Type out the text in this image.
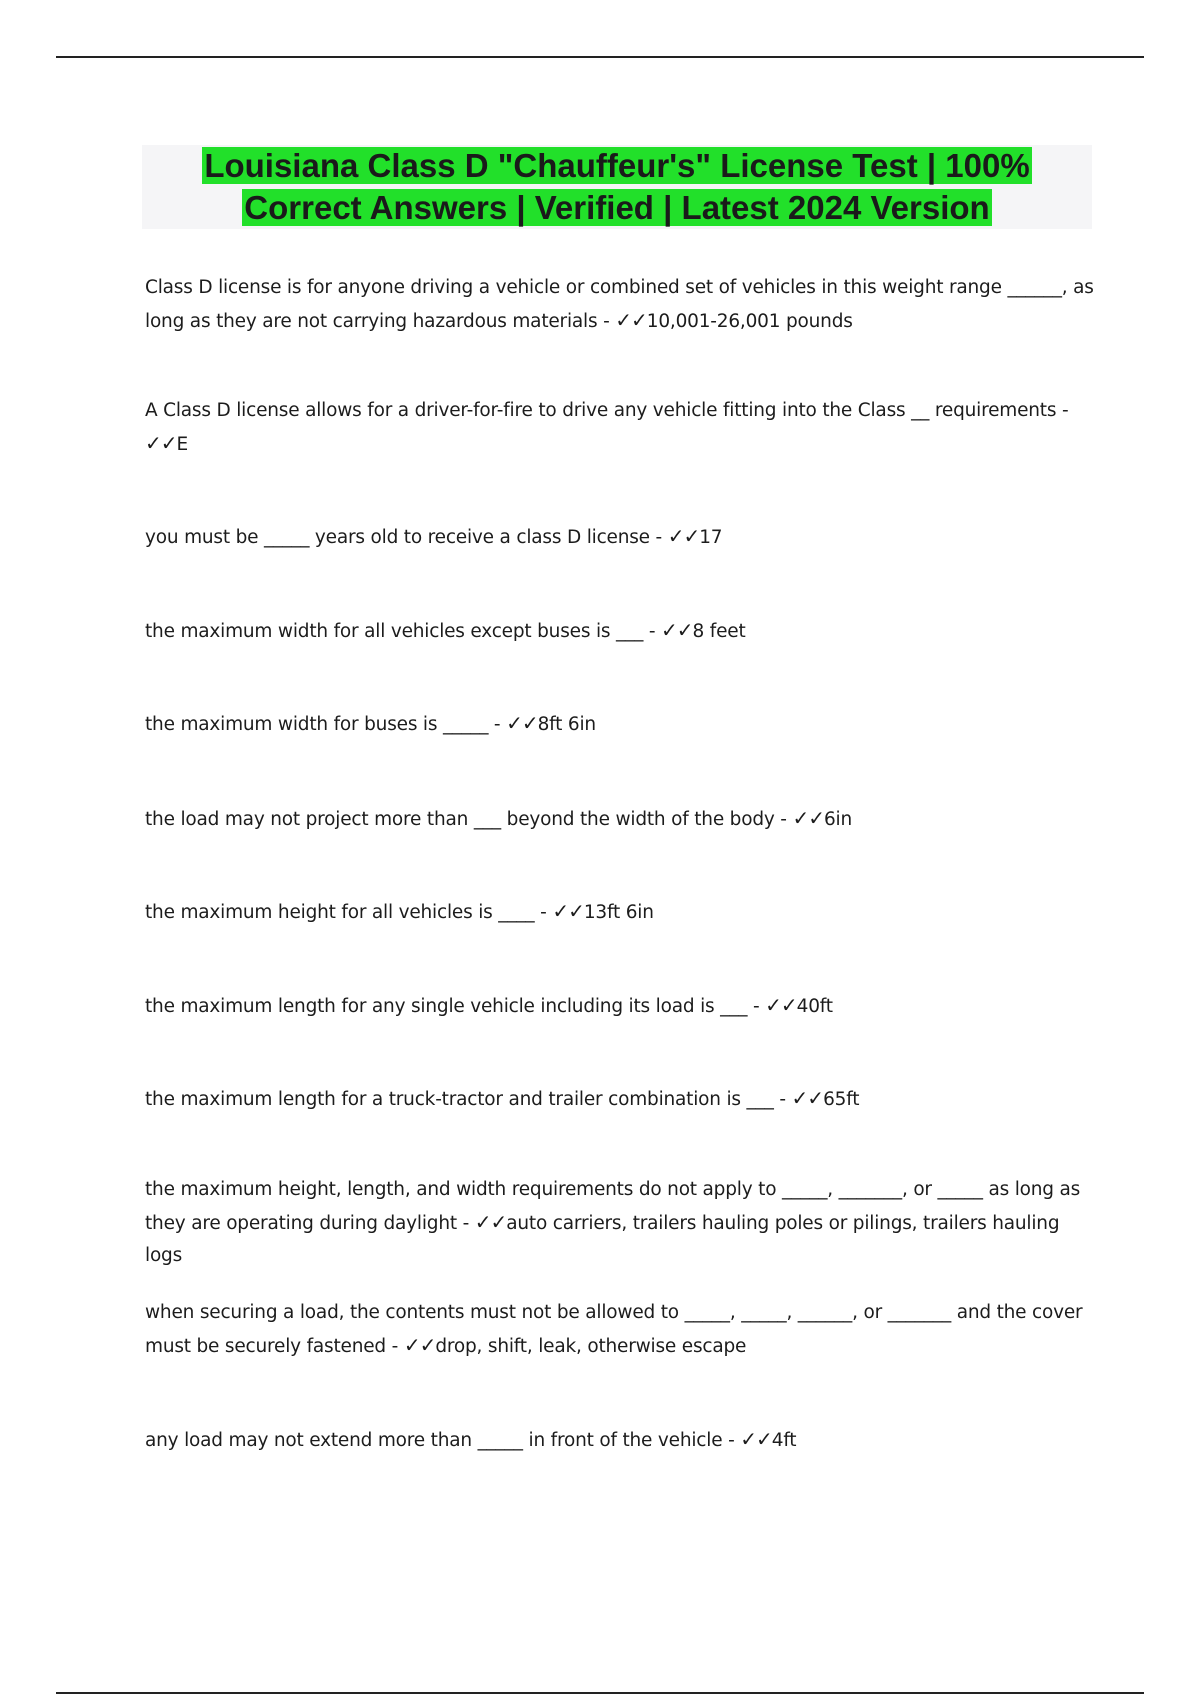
Louisiana Class D "Chauffeur's" License Test | 100%
Correct Answers | Verified | Latest 2024 Version

Class D license is for anyone driving a vehicle or combined set of vehicles in this weight range ______, as long as they are not carrying hazardous materials - ✓✓10,001-26,001 pounds

A Class D license allows for a driver-for-fire to drive any vehicle fitting into the Class __ requirements - ✓✓E

you must be _____ years old to receive a class D license - ✓✓17

the maximum width for all vehicles except buses is ___ - ✓✓8 feet

the maximum width for buses is _____ - ✓✓8ft 6in

the load may not project more than ___ beyond the width of the body - ✓✓6in

the maximum height for all vehicles is ____ - ✓✓13ft 6in

the maximum length for any single vehicle including its load is ___ - ✓✓40ft

the maximum length for a truck-tractor and trailer combination is ___ - ✓✓65ft

the maximum height, length, and width requirements do not apply to _____, _______, or _____ as long as they are operating during daylight - ✓✓auto carriers, trailers hauling poles or pilings, trailers hauling logs

when securing a load, the contents must not be allowed to _____, _____, ______, or _______ and the cover must be securely fastened - ✓✓drop, shift, leak, otherwise escape

any load may not extend more than _____ in front of the vehicle - ✓✓4ft
